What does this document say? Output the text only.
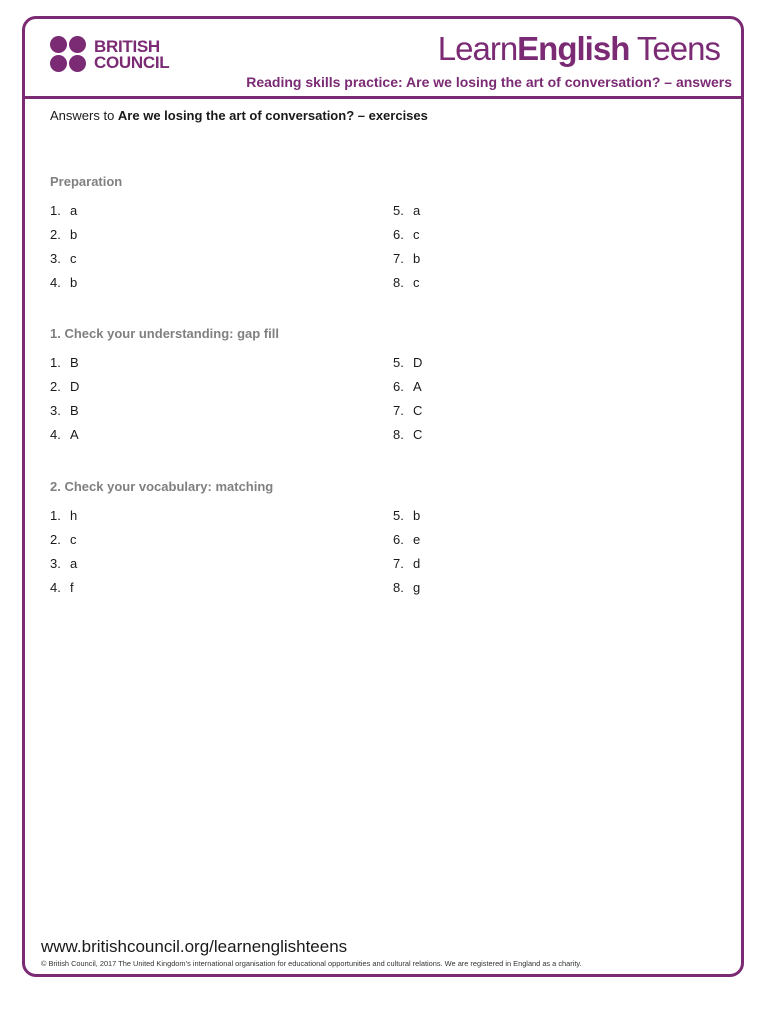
BRITISH
COUNCIL	LearnEnglish Teens
Reading skills practice: Are we losing the art of conversation? – answers
Answers to Are we losing the art of conversation? – exercises
Preparation
1. a
2. b
3. c
4. b
5. a
6. c
7. b
8. c
1. Check your understanding: gap fill
1. B
2. D
3. B
4. A
5. D
6. A
7. C
8. C
2. Check your vocabulary: matching
1. h
2. c
3. a
4. f
5. b
6. e
7. d
8. g
www.britishcouncil.org/learnenglishteens
© British Council, 2017 The United Kingdom’s international organisation for educational opportunities and cultural relations. We are registered in England as a charity.
